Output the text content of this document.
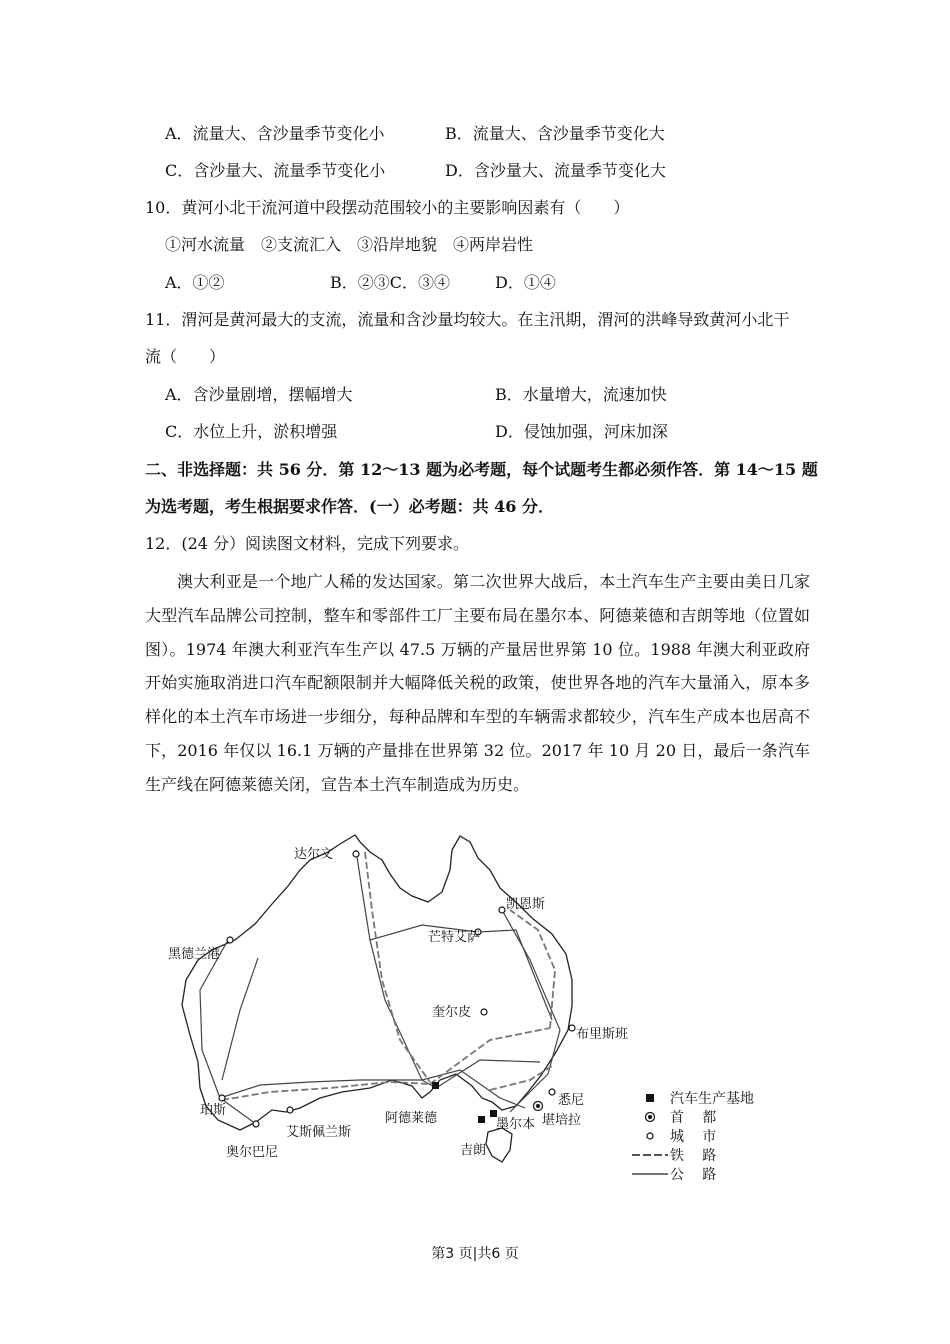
A．流量大、含沙量季节变化小	B．流量大、含沙量季节变化大
C．含沙量大、流量季节变化小	D．含沙量大、流量季节变化大
10．黄河小北干流河道中段摆动范围较小的主要影响因素有（　　）
①河水流量　②支流汇入　③沿岸地貌　④两岸岩性
A．①②	B．②③C．③④	D．①④
11．渭河是黄河最大的支流，流量和含沙量均较大。在主汛期，渭河的洪峰导致黄河小北干
流（　　）
A．含沙量剧增，摆幅增大	B．水量增大，流速加快
C．水位上升，淤积增强	D．侵蚀加强，河床加深
二、非选择题：共 56 分．第 12～13 题为必考题，每个试题考生都必须作答．第 14～15 题
为选考题，考生根据要求作答．(一）必考题：共 46 分．
12．(24 分）阅读图文材料，完成下列要求。
澳大利亚是一个地广人稀的发达国家。第二次世界大战后，本土汽车生产主要由美日几家大型汽车品牌公司控制，整车和零部件工厂主要布局在墨尔本、阿德莱德和吉朗等地（位置如图）。1974 年澳大利亚汽车生产以 47.5 万辆的产量居世界第 10 位。1988 年澳大利亚政府开始实施取消进口汽车配额限制并大幅降低关税的政策，使世界各地的汽车大量涌入，原本多样化的本土汽车市场进一步细分，每种品牌和车型的车辆需求都较少，汽车生产成本也居高不下，2016 年仅以 16.1 万辆的产量排在世界第 32 位。2017 年 10 月 20 日，最后一条汽车生产线在阿德莱德关闭，宣告本土汽车制造成为历史。
达尔文
凯恩斯
芒特艾萨
黑德兰港
奎尔皮
布里斯班
珀斯
艾斯佩兰斯
奥尔巴尼
阿德莱德
悉尼
堪培拉
吉朗
墨尔本
汽车生产基地
首　都
城　市
铁　路
公　路
第3 页|共6 页
